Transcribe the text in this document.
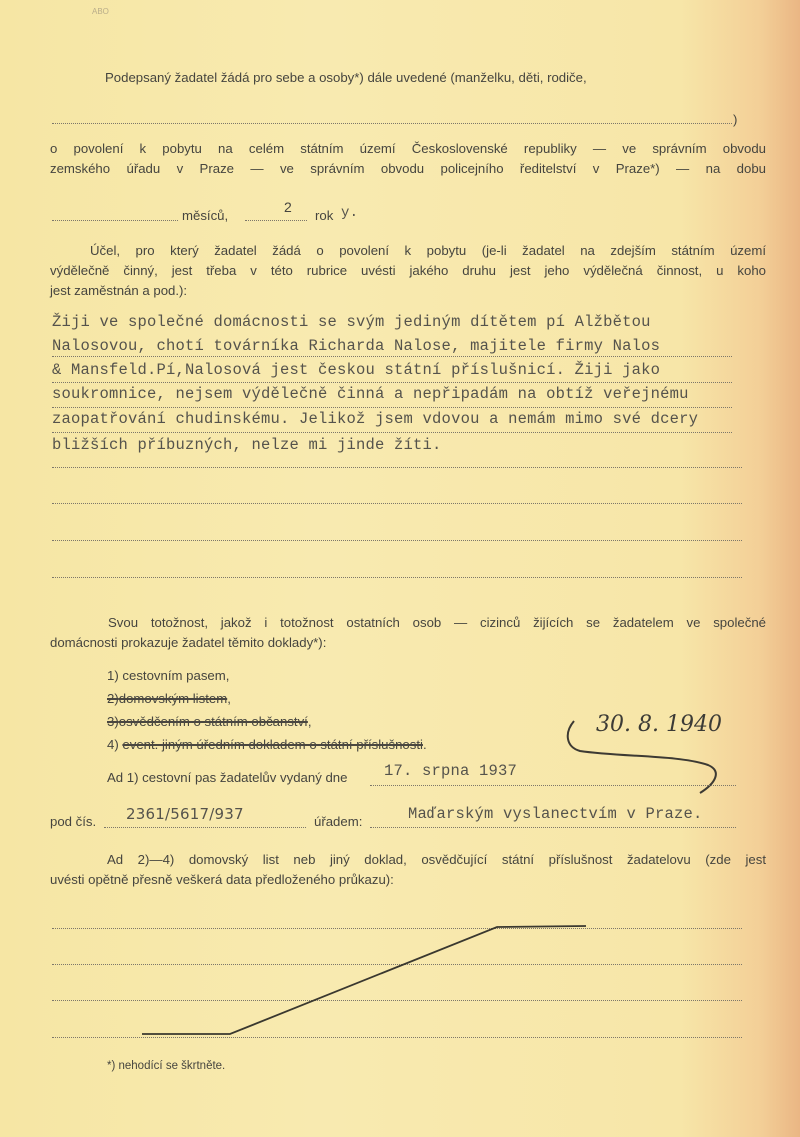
ABO
Podepsaný žadatel žádá pro sebe a osoby*) dále uvedené (manželku, děti, rodiče,
)
o povolení k pobytu na celém státním území Československé republiky — ve správním obvodu
zemského úřadu v Praze — ve správním obvodu policejního ředitelství v Praze*) — na dobu
měsíců,
2
rok y.
Účel, pro který žadatel žádá o povolení k pobytu (je-li žadatel na zdejším státním území
výdělečně činný, jest třeba v této rubrice uvésti jakého druhu jest jeho výdělečná činnost, u koho
jest zaměstnán a pod.):
Žiji ve společné domácnosti se svým jediným dítětem pí Alžbětou
Nalosovou, chotí továrníka Richarda Nalose, majitele firmy Nalos
& Mansfeld.Pí,Nalosová jest českou státní příslušnicí. Žiji jako
soukromnice, nejsem výdělečně činná a nepřipadám na obtíž veřejnému
zaopatřování chudinskému. Jelikož jsem vdovou a nemám mimo své dcery
bližších příbuzných, nelze mi jinde žíti.
Svou totožnost, jakož i totožnost ostatních osob — cizinců žijících se žadatelem ve společné
domácnosti prokazuje žadatel těmito doklady*):
1) cestovním pasem,
2)domovským listem,
3)osvědčením o státním občanství,
4) event. jiným úředním dokladem o státní příslušnosti.
30. 8. 1940
Ad 1) cestovní pas žadatelův vydaný dne 17. srpna 1937
pod čís. 2361/5617/937	úřadem:	Maďarským vyslanectvím v Praze.
Ad 2)—4) domovský list neb jiný doklad, osvědčující státní příslušnost žadatelovu (zde jest
uvésti opětně přesně veškerá data předloženého průkazu):
*) nehodící se škrtněte.
